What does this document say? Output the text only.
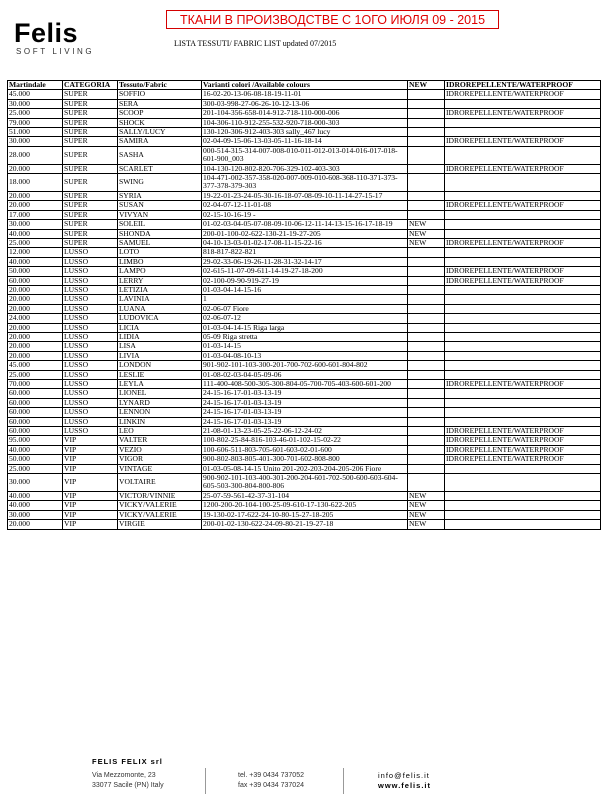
Felis
SOFT LIVING
ТКАНИ В ПРОИЗВОДСТВЕ С 1ОГО ИЮЛЯ 09 - 2015
LISTA TESSUTI/ FABRIC LIST updated 07/2015
Martindale	CATEGORIA	Tessuto/Fabric	Varianti colori /Available colours	NEW	IDROREPELLENTE/WATERPROOF
45.000	SUPER	SOFFIO	16-02-20-13-06-08-18-19-11-01		IDROREPELLENTE/WATERPROOF
30.000	SUPER	SERA	300-03-998-27-06-26-10-12-13-06		
25.000	SUPER	SCOOP	201-104-356-658-014-912-718-110-000-006		IDROREPELLENTE/WATERPROOF
79.000	SUPER	SHOCK	104-306-110-912-255-532-920-718-000-303		
51.000	SUPER	SALLY/LUCY	130-120-306-912-403-303 sally_467 lucy		
30.000	SUPER	SAMIRA	02-04-09-15-06-13-03-05-11-16-18-14		IDROREPELLENTE/WATERPROOF
28.000	SUPER	SASHA	000-514-315-314-007-008-010-011-012-013-014-016-017-018-601-900_003		
20.000	SUPER	SCARLET	104-130-120-802-820-706-329-102-403-303		IDROREPELLENTE/WATERPROOF
18.000	SUPER	SWING	104-471-002-357-358-020-007-009-010-608-368-110-371-373-377-378-379-303		
20.000	SUPER	SYRIA	19-22-01-23-24-05-30-16-18-07-08-09-10-11-14-27-15-17		
20.000	SUPER	SUSAN	02-04-07-12-11-01-08		IDROREPELLENTE/WATERPROOF
17.000	SUPER	VIVYAN	02-15-10-16-19 -		
30.000	SUPER	SOLEIL	01-02-03-04-05-07-08-09-10-06-12-11-14-13-15-16-17-18-19	NEW	
40.000	SUPER	SHONDA	200-01-100-02-622-130-21-19-27-205	NEW	
25.000	SUPER	SAMUEL	04-10-13-03-01-02-17-08-11-15-22-16	NEW	IDROREPELLENTE/WATERPROOF
12.000	LUSSO	LOTO	818-817-822-821		
40.000	LUSSO	LIMBO	29-02-33-06-19-26-11-28-31-32-14-17		
50.000	LUSSO	LAMPO	02-615-11-07-09-611-14-19-27-18-200		IDROREPELLENTE/WATERPROOF
60.000	LUSSO	LERRY	02-100-09-90-919-27-19		IDROREPELLENTE/WATERPROOF
20.000	LUSSO	LETIZIA	01-03-04-14-15-16		
20.000	LUSSO	LAVINIA	1		
20.000	LUSSO	LUANA	02-06-07 Fiore		
24.000	LUSSO	LUDOVICA	02-06-07-12		
20.000	LUSSO	LICIA	01-03-04-14-15 Riga larga		
20.000	LUSSO	LIDIA	05-09 Riga stretta		
20.000	LUSSO	LISA	01-03-14-15		
20.000	LUSSO	LIVIA	01-03-04-08-10-13		
45.000	LUSSO	LONDON	901-902-101-103-300-201-700-702-600-601-804-802		
25.000	LUSSO	LESLIE	01-08-02-03-04-05-09-06		
70.000	LUSSO	LEYLA	111-400-408-500-305-300-804-05-700-705-403-600-601-200		IDROREPELLENTE/WATERPROOF
60.000	LUSSO	LIONEL	24-15-16-17-01-03-13-19		
60.000	LUSSO	LYNARD	24-15-16-17-01-03-13-19		
60.000	LUSSO	LENNON	24-15-16-17-01-03-13-19		
60.000	LUSSO	LINKIN	24-15-16-17-01-03-13-19		
60.000	LUSSO	LEO	21-08-01-13-23-05-25-22-06-12-24-02		IDROREPELLENTE/WATERPROOF
95.000	VIP	VALTER	100-802-25-84-816-103-46-01-102-15-02-22		IDROREPELLENTE/WATERPROOF
40.000	VIP	VEZIO	100-606-511-803-705-601-603-02-01-600		IDROREPELLENTE/WATERPROOF
50.000	VIP	VIGOR	900-802-803-805-401-300-701-602-808-800		IDROREPELLENTE/WATERPROOF
25.000	VIP	VINTAGE	01-03-05-08-14-15 Unito 201-202-203-204-205-206 Fiore		
30.000	VIP	VOLTAIRE	900-902-101-103-400-301-200-204-601-702-500-600-603-604-605-503-300-804-800-806		
40.000	VIP	VICTOR/VINNIE	25-07-59-561-42-37-31-104	NEW	
40.000	VIP	VICKY/VALERIE	1200-200-20-104-100-25-09-610-17-130-622-205	NEW	
30.000	VIP	VICKY/VALERIE	19-130-02-17-622-24-10-80-15-27-18-205	NEW	
20.000	VIP	VIRGIE	200-01-02-130-622-24-09-80-21-19-27-18	NEW	
FELIS FELIX srl
Via Mezzomonte, 23
33077 Sacile (PN) Italy
tel. +39 0434 737052
fax +39 0434 737024
info@felis.it
www.felis.it
